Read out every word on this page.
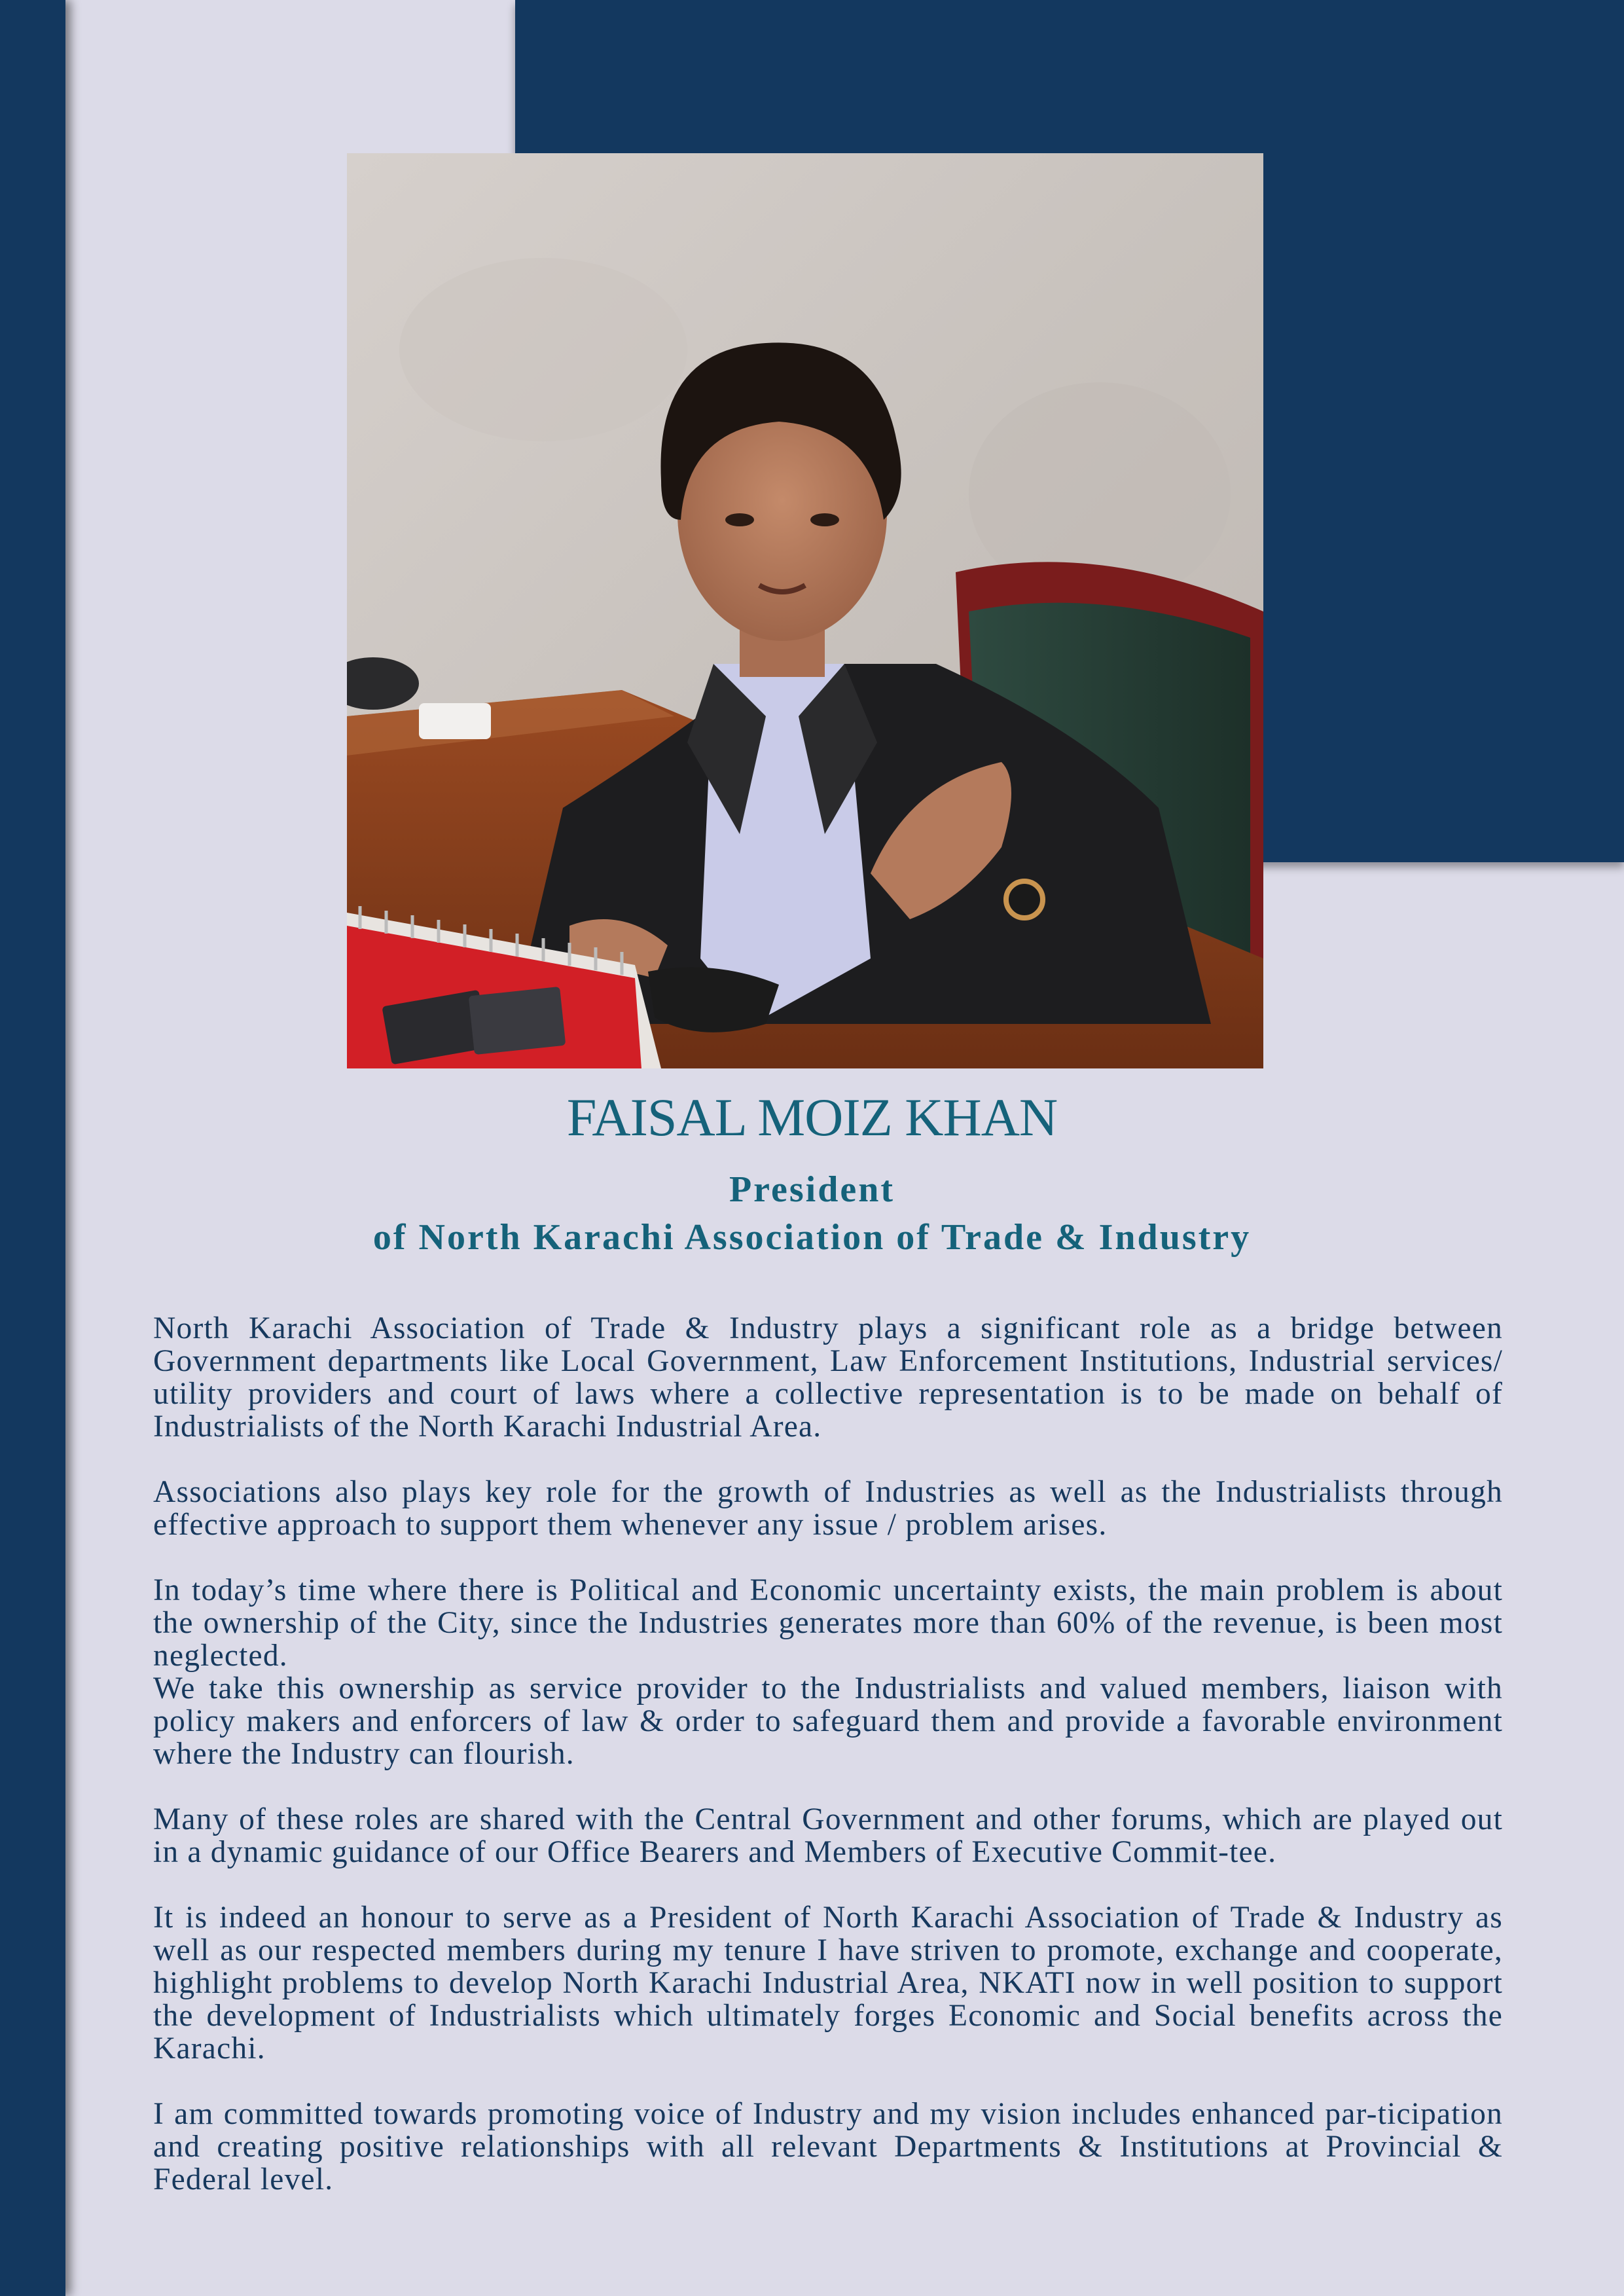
FAISAL MOIZ KHAN
President
of North Karachi Association of Trade & Industry

North Karachi Association of Trade & Industry plays a significant role as a bridge between Government departments like Local Government, Law Enforcement Institutions, Industrial services/ utility providers and court of laws where a collective representation is to be made on behalf of Industrialists of the North Karachi Industrial Area.

Associations also plays key role for the growth of Industries as well as the Industrialists through effective approach to support them whenever any issue / problem arises.

In today’s time where there is Political and Economic uncertainty exists, the main problem is about the ownership of the City, since the Industries generates more than 60% of the revenue, is been most neglected.

We take this ownership as service provider to the Industrialists and valued members, liaison with policy makers and enforcers of law & order to safeguard them and provide a favorable environment where the Industry can flourish.

Many of these roles are shared with the Central Government and other forums, which are played out in a dynamic guidance of our Office Bearers and Members of Executive Commit-tee.

It is indeed an honour to serve as a President of North Karachi Association of Trade & Industry as well as our respected members during my tenure I have striven to promote, exchange and cooperate, highlight problems to develop North Karachi Industrial Area, NKATI now in well position to support the development of Industrialists which ultimately forges Economic and Social benefits across the Karachi.

I am committed towards promoting voice of Industry and my vision includes enhanced par-ticipation and creating positive relationships with all relevant Departments & Institutions at Provincial & Federal level.
